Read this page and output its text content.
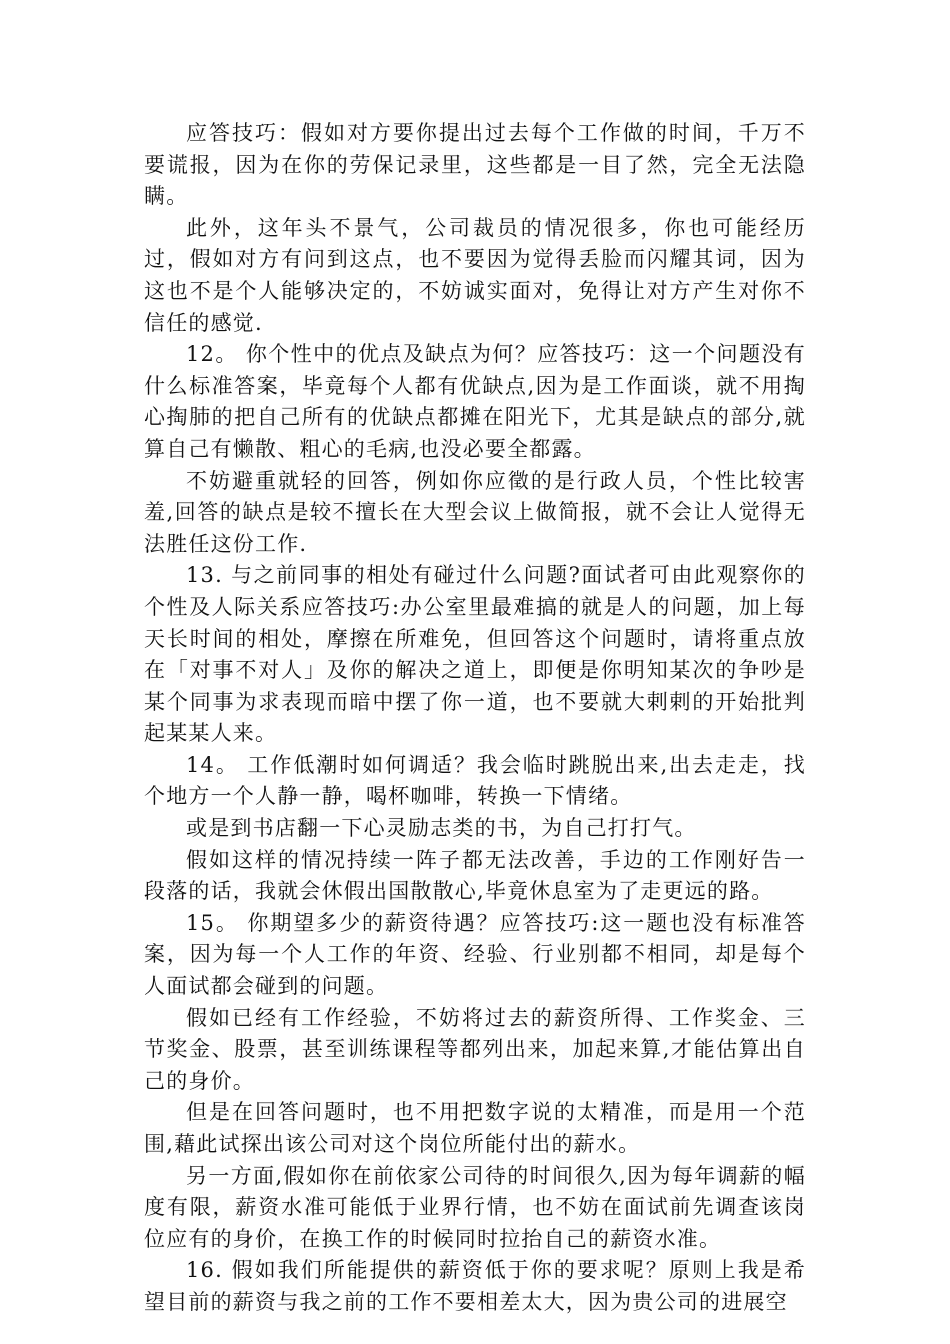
应答技巧：假如对方要你提出过去每个工作做的时间，千万不要谎报，因为在你的劳保记录里，这些都是一目了然，完全无法隐瞒。

此外，这年头不景气，公司裁员的情况很多，你也可能经历过，假如对方有问到这点，也不要因为觉得丢脸而闪耀其词，因为这也不是个人能够决定的，不妨诚实面对，免得让对方产生对你不信任的感觉.

12。 你个性中的优点及缺点为何？应答技巧：这一个问题没有什么标准答案，毕竟每个人都有优缺点,因为是工作面谈，就不用掏心掏肺的把自己所有的优缺点都摊在阳光下，尤其是缺点的部分,就算自己有懒散、粗心的毛病,也没必要全都露。

不妨避重就轻的回答，例如你应徵的是行政人员，个性比较害羞,回答的缺点是较不擅长在大型会议上做简报，就不会让人觉得无法胜任这份工作.

13. 与之前同事的相处有碰过什么问题?面试者可由此观察你的个性及人际关系应答技巧:办公室里最难搞的就是人的问题，加上每天长时间的相处，摩擦在所难免，但回答这个问题时，请将重点放在「对事不对人」及你的解决之道上，即便是你明知某次的争吵是某个同事为求表现而暗中摆了你一道，也不要就大剌剌的开始批判起某某人来。

14。 工作低潮时如何调适？我会临时跳脱出来,出去走走，找个地方一个人静一静，喝杯咖啡，转换一下情绪。

或是到书店翻一下心灵励志类的书，为自己打打气。

假如这样的情况持续一阵子都无法改善，手边的工作刚好告一段落的话，我就会休假出国散散心,毕竟休息室为了走更远的路。

15。 你期望多少的薪资待遇？应答技巧:这一题也没有标准答案，因为每一个人工作的年资、经验、行业别都不相同，却是每个人面试都会碰到的问题。

假如已经有工作经验，不妨将过去的薪资所得、工作奖金、三节奖金、股票，甚至训练课程等都列出来，加起来算,才能估算出自己的身价。

但是在回答问题时，也不用把数字说的太精准，而是用一个范围,藉此试探出该公司对这个岗位所能付出的薪水。

另一方面,假如你在前依家公司待的时间很久,因为每年调薪的幅度有限，薪资水准可能低于业界行情，也不妨在面试前先调查该岗位应有的身价，在换工作的时候同时拉抬自己的薪资水准。

16. 假如我们所能提供的薪资低于你的要求呢？原则上我是希望目前的薪资与我之前的工作不要相差太大，因为贵公司的进展空
